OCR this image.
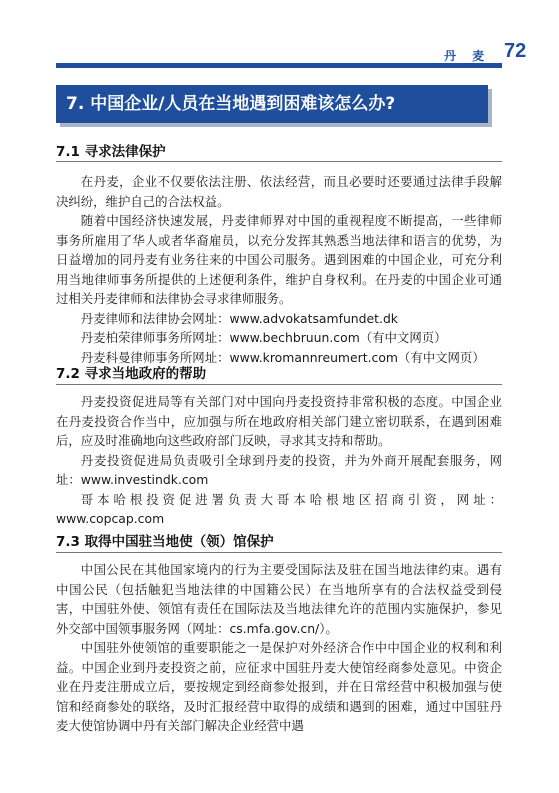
丹 麦 72
7. 中国企业/人员在当地遇到困难该怎么办?
7.1 寻求法律保护

在丹麦，企业不仅要依法注册、依法经营，而且必要时还要通过法律手段解决纠纷，维护自己的合法权益。

随着中国经济快速发展，丹麦律师界对中国的重视程度不断提高，一些律师事务所雇用了华人或者华裔雇员，以充分发挥其熟悉当地法律和语言的优势，为日益增加的同丹麦有业务往来的中国公司服务。遇到困难的中国企业，可充分利用当地律师事务所提供的上述便利条件，维护自身权利。在丹麦的中国企业可通过相关丹麦律师和法律协会寻求律师服务。

丹麦律师和法律协会网址：www.advokatsamfundet.dk

丹麦柏荣律师事务所网址：www.bechbruun.com（有中文网页）

丹麦科曼律师事务所网址：www.kromannreumert.com（有中文网页）

7.2 寻求当地政府的帮助

丹麦投资促进局等有关部门对中国向丹麦投资持非常积极的态度。中国企业在丹麦投资合作当中，应加强与所在地政府相关部门建立密切联系，在遇到困难后，应及时准确地向这些政府部门反映，寻求其支持和帮助。

丹麦投资促进局负责吸引全球到丹麦的投资，并为外商开展配套服务，网址：www.investindk.com

哥本哈根投资促进署负责大哥本哈根地区招商引资，网址：www.copcap.com

7.3 取得中国驻当地使（领）馆保护

中国公民在其他国家境内的行为主要受国际法及驻在国当地法律约束。遇有中国公民（包括触犯当地法律的中国籍公民）在当地所享有的合法权益受到侵害，中国驻外使、领馆有责任在国际法及当地法律允许的范围内实施保护，参见外交部中国领事服务网（网址：cs.mfa.gov.cn/）。

中国驻外使领馆的重要职能之一是保护对外经济合作中中国企业的权利和利益。中国企业到丹麦投资之前，应征求中国驻丹麦大使馆经商参处意见。中资企业在丹麦注册成立后，要按规定到经商参处报到，并在日常经营中积极加强与使馆和经商参处的联络，及时汇报经营中取得的成绩和遇到的困难，通过中国驻丹麦大使馆协调中丹有关部门解决企业经营中遇
